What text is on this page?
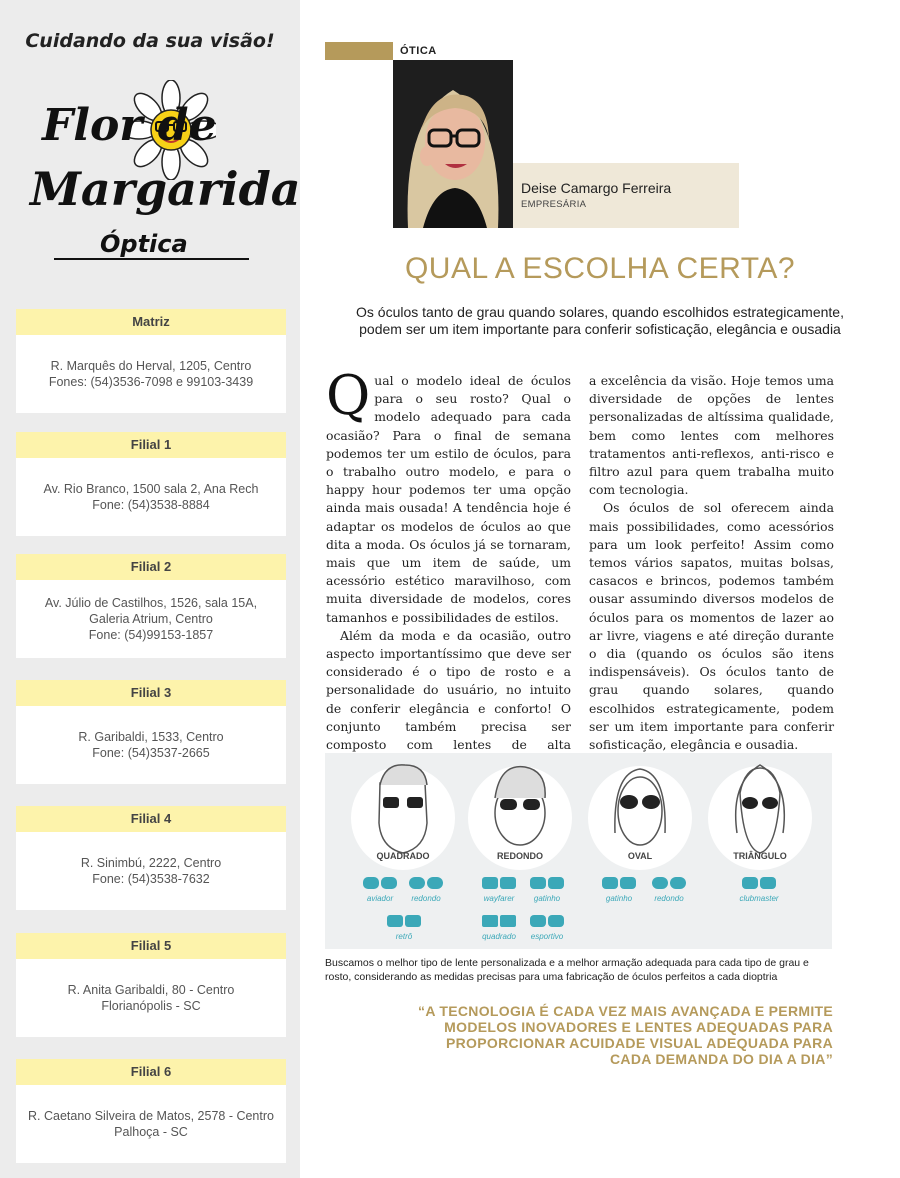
Cuidando da sua visão!
Flor de
Margarida
Óptica
Matriz
R. Marquês do Herval, 1205, Centro
Fones: (54)3536-7098 e 99103-3439
Filial 1
Av. Rio Branco, 1500 sala 2, Ana Rech
Fone: (54)3538-8884
Filial 2
Av. Júlio de Castilhos, 1526, sala 15A,
Galeria Atrium, Centro
Fone: (54)99153-1857
Filial 3
R. Garibaldi, 1533, Centro
Fone: (54)3537-2665
Filial 4
R. Sinimbú, 2222, Centro
Fone: (54)3538-7632
Filial 5
R. Anita Garibaldi, 80 - Centro
Florianópolis - SC
Filial 6
R. Caetano Silveira de Matos, 2578 - Centro
Palhoça - SC
ÓTICA
Deise Camargo Ferreira
EMPRESÁRIA
QUAL A ESCOLHA CERTA?
Os óculos tanto de grau quando solares, quando escolhidos estrategicamente, podem ser um item importante para conferir sofisticação, elegância e ousadia

Qual o modelo ideal de óculos para o seu rosto? Qual o modelo adequado para cada ocasião? Para o final de semana podemos ter um estilo de óculos, para o trabalho outro modelo, e para o happy hour podemos ter uma opção ainda mais ousada! A tendência hoje é adaptar os modelos de óculos ao que dita a moda. Os óculos já se tornaram, mais que um item de saúde, um acessório estético maravilhoso, com muita diversidade de modelos, cores tamanhos e possibilidades de estilos.

Além da moda e da ocasião, outro aspecto importantíssimo que deve ser considerado é o tipo de rosto e a personalidade do usuário, no intuito de conferir elegância e conforto! O conjunto também precisa ser composto com lentes de alta

a excelência da visão. Hoje temos uma diversidade de opções de lentes personalizadas de altíssima qualidade, bem como lentes com melhores tratamentos anti-reflexos, anti-risco e filtro azul para quem trabalha muito com tecnologia.

Os óculos de sol oferecem ainda mais possibilidades, como acessórios para um look perfeito! Assim como temos vários sapatos, muitas bolsas, casacos e brincos, podemos também ousar assumindo diversos modelos de óculos para os momentos de lazer ao ar livre, viagens e até direção durante o dia (quando os óculos são itens indispensáveis). Os óculos tanto de grau quando solares, quando escolhidos estrategicamente, podem ser um item importante para conferir sofisticação, elegância e ousadia.

QUADRADO	REDONDO	OVAL	TRIÂNGULO
aviador	redondo
retrô
wayfarer	gatinho
quadrado	esportivo
gatinho	redondo	clubmaster
Buscamos o melhor tipo de lente personalizada e a melhor armação adequada para cada tipo de grau e rosto, considerando as medidas precisas para uma fabricação de óculos perfeitos a cada dioptria
“A TECNOLOGIA É CADA VEZ MAIS AVANÇADA E PERMITE MODELOS INOVADORES E LENTES ADEQUADAS PARA PROPORCIONAR ACUIDADE VISUAL ADEQUADA PARA CADA DEMANDA DO DIA A DIA”
